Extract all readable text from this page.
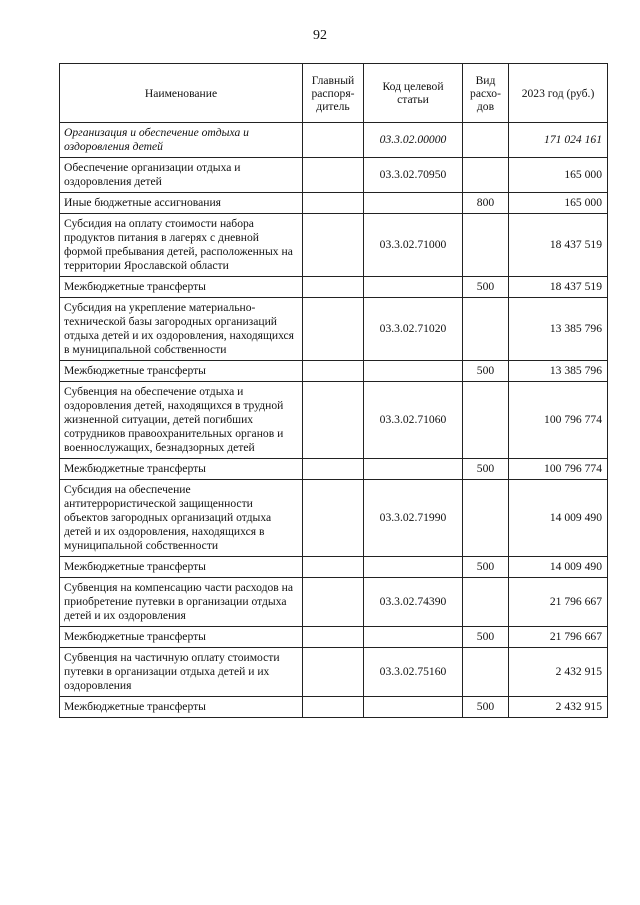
92
Наименование	Главный распоря-дитель	Код целевой статьи	Вид расхо-дов	2023 год (руб.)
Организация и обеспечение отдыха и оздоровления детей		03.3.02.00000		171 024 161
Обеспечение организации отдыха и оздоровления детей		03.3.02.70950		165 000
Иные бюджетные ассигнования			800	165 000
Субсидия на оплату стоимости набора продуктов питания в лагерях с дневной формой пребывания детей, расположенных на территории Ярославской области		03.3.02.71000		18 437 519
Межбюджетные трансферты			500	18 437 519
Субсидия на укрепление материально-технической базы загородных организаций отдыха детей и их оздоровления, находящихся в муниципальной собственности		03.3.02.71020		13 385 796
Межбюджетные трансферты			500	13 385 796
Субвенция на обеспечение отдыха и оздоровления детей, находящихся в трудной жизненной ситуации, детей погибших сотрудников правоохранительных органов и военнослужащих, безнадзорных детей		03.3.02.71060		100 796 774
Межбюджетные трансферты			500	100 796 774
Субсидия на обеспечение антитеррористической защищенности объектов загородных организаций отдыха детей и их оздоровления, находящихся в муниципальной собственности		03.3.02.71990		14 009 490
Межбюджетные трансферты			500	14 009 490
Субвенция на компенсацию части расходов на приобретение путевки в организации отдыха детей и их оздоровления		03.3.02.74390		21 796 667
Межбюджетные трансферты			500	21 796 667
Субвенция на частичную оплату стоимости путевки в организации отдыха детей и их оздоровления		03.3.02.75160		2 432 915
Межбюджетные трансферты			500	2 432 915
